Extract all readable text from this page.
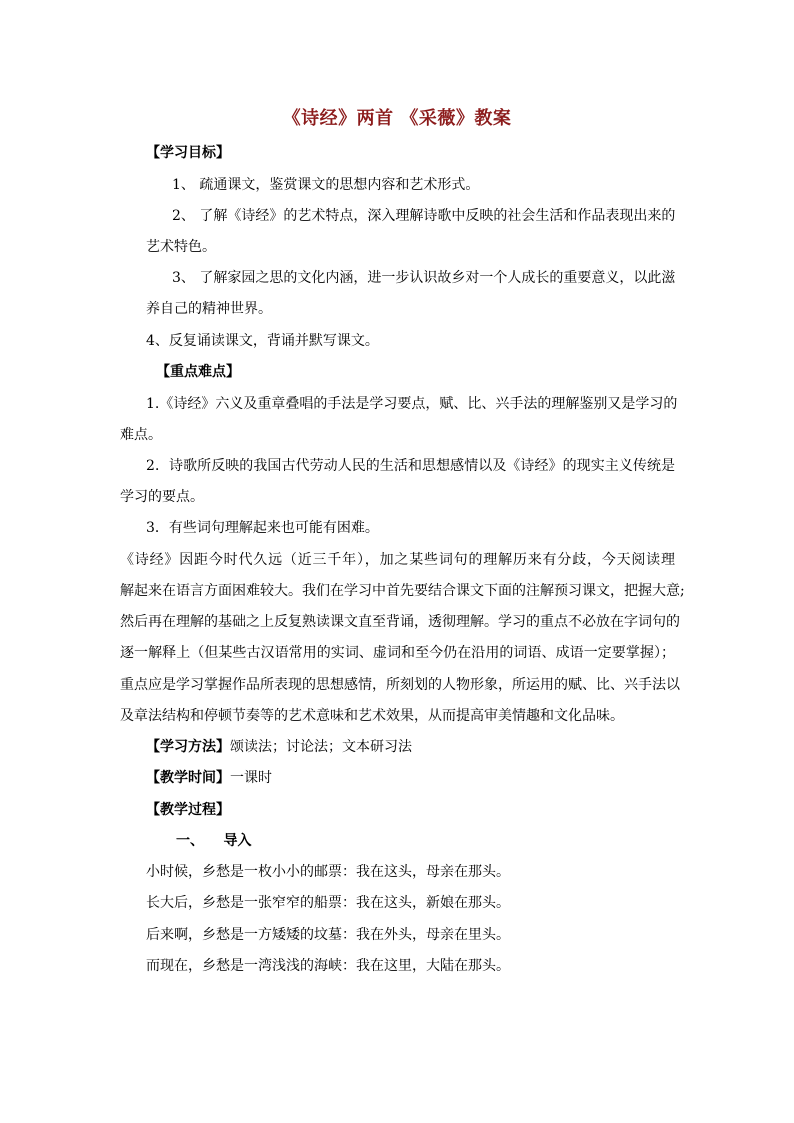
《诗经》两首 《采薇》教案
【学习目标】
1、 疏通课文，鉴赏课文的思想内容和艺术形式。
2、 了解《诗经》的艺术特点，深入理解诗歌中反映的社会生活和作品表现出来的
艺术特色。
3、 了解家园之思的文化内涵，进一步认识故乡对一个人成长的重要意义，以此滋
养自己的精神世界。
4、反复诵读课文，背诵并默写课文。
【重点难点】
1.《诗经》六义及重章叠唱的手法是学习要点，赋、比、兴手法的理解鉴别又是学习的
难点。
2．诗歌所反映的我国古代劳动人民的生活和思想感情以及《诗经》的现实主义传统是
学习的要点。
3．有些词句理解起来也可能有困难。
《诗经》因距今时代久远（近三千年），加之某些词句的理解历来有分歧，今天阅读理
解起来在语言方面困难较大。我们在学习中首先要结合课文下面的注解预习课文，把握大意;
然后再在理解的基础之上反复熟读课文直至背诵，透彻理解。学习的重点不必放在字词句的
逐一解释上（但某些古汉语常用的实词、虚词和至今仍在沿用的词语、成语一定要掌握）；
重点应是学习掌握作品所表现的思想感情，所刻划的人物形象，所运用的赋、比、兴手法以
及章法结构和停顿节奏等的艺术意味和艺术效果，从而提高审美情趣和文化品味。
【学习方法】颂读法；讨论法；文本研习法
【教学时间】一课时
【教学过程】
一、    导入
小时候，乡愁是一枚小小的邮票：我在这头，母亲在那头。
长大后，乡愁是一张窄窄的船票：我在这头，新娘在那头。
后来啊，乡愁是一方矮矮的坟墓：我在外头，母亲在里头。
而现在，乡愁是一湾浅浅的海峡：我在这里，大陆在那头。
